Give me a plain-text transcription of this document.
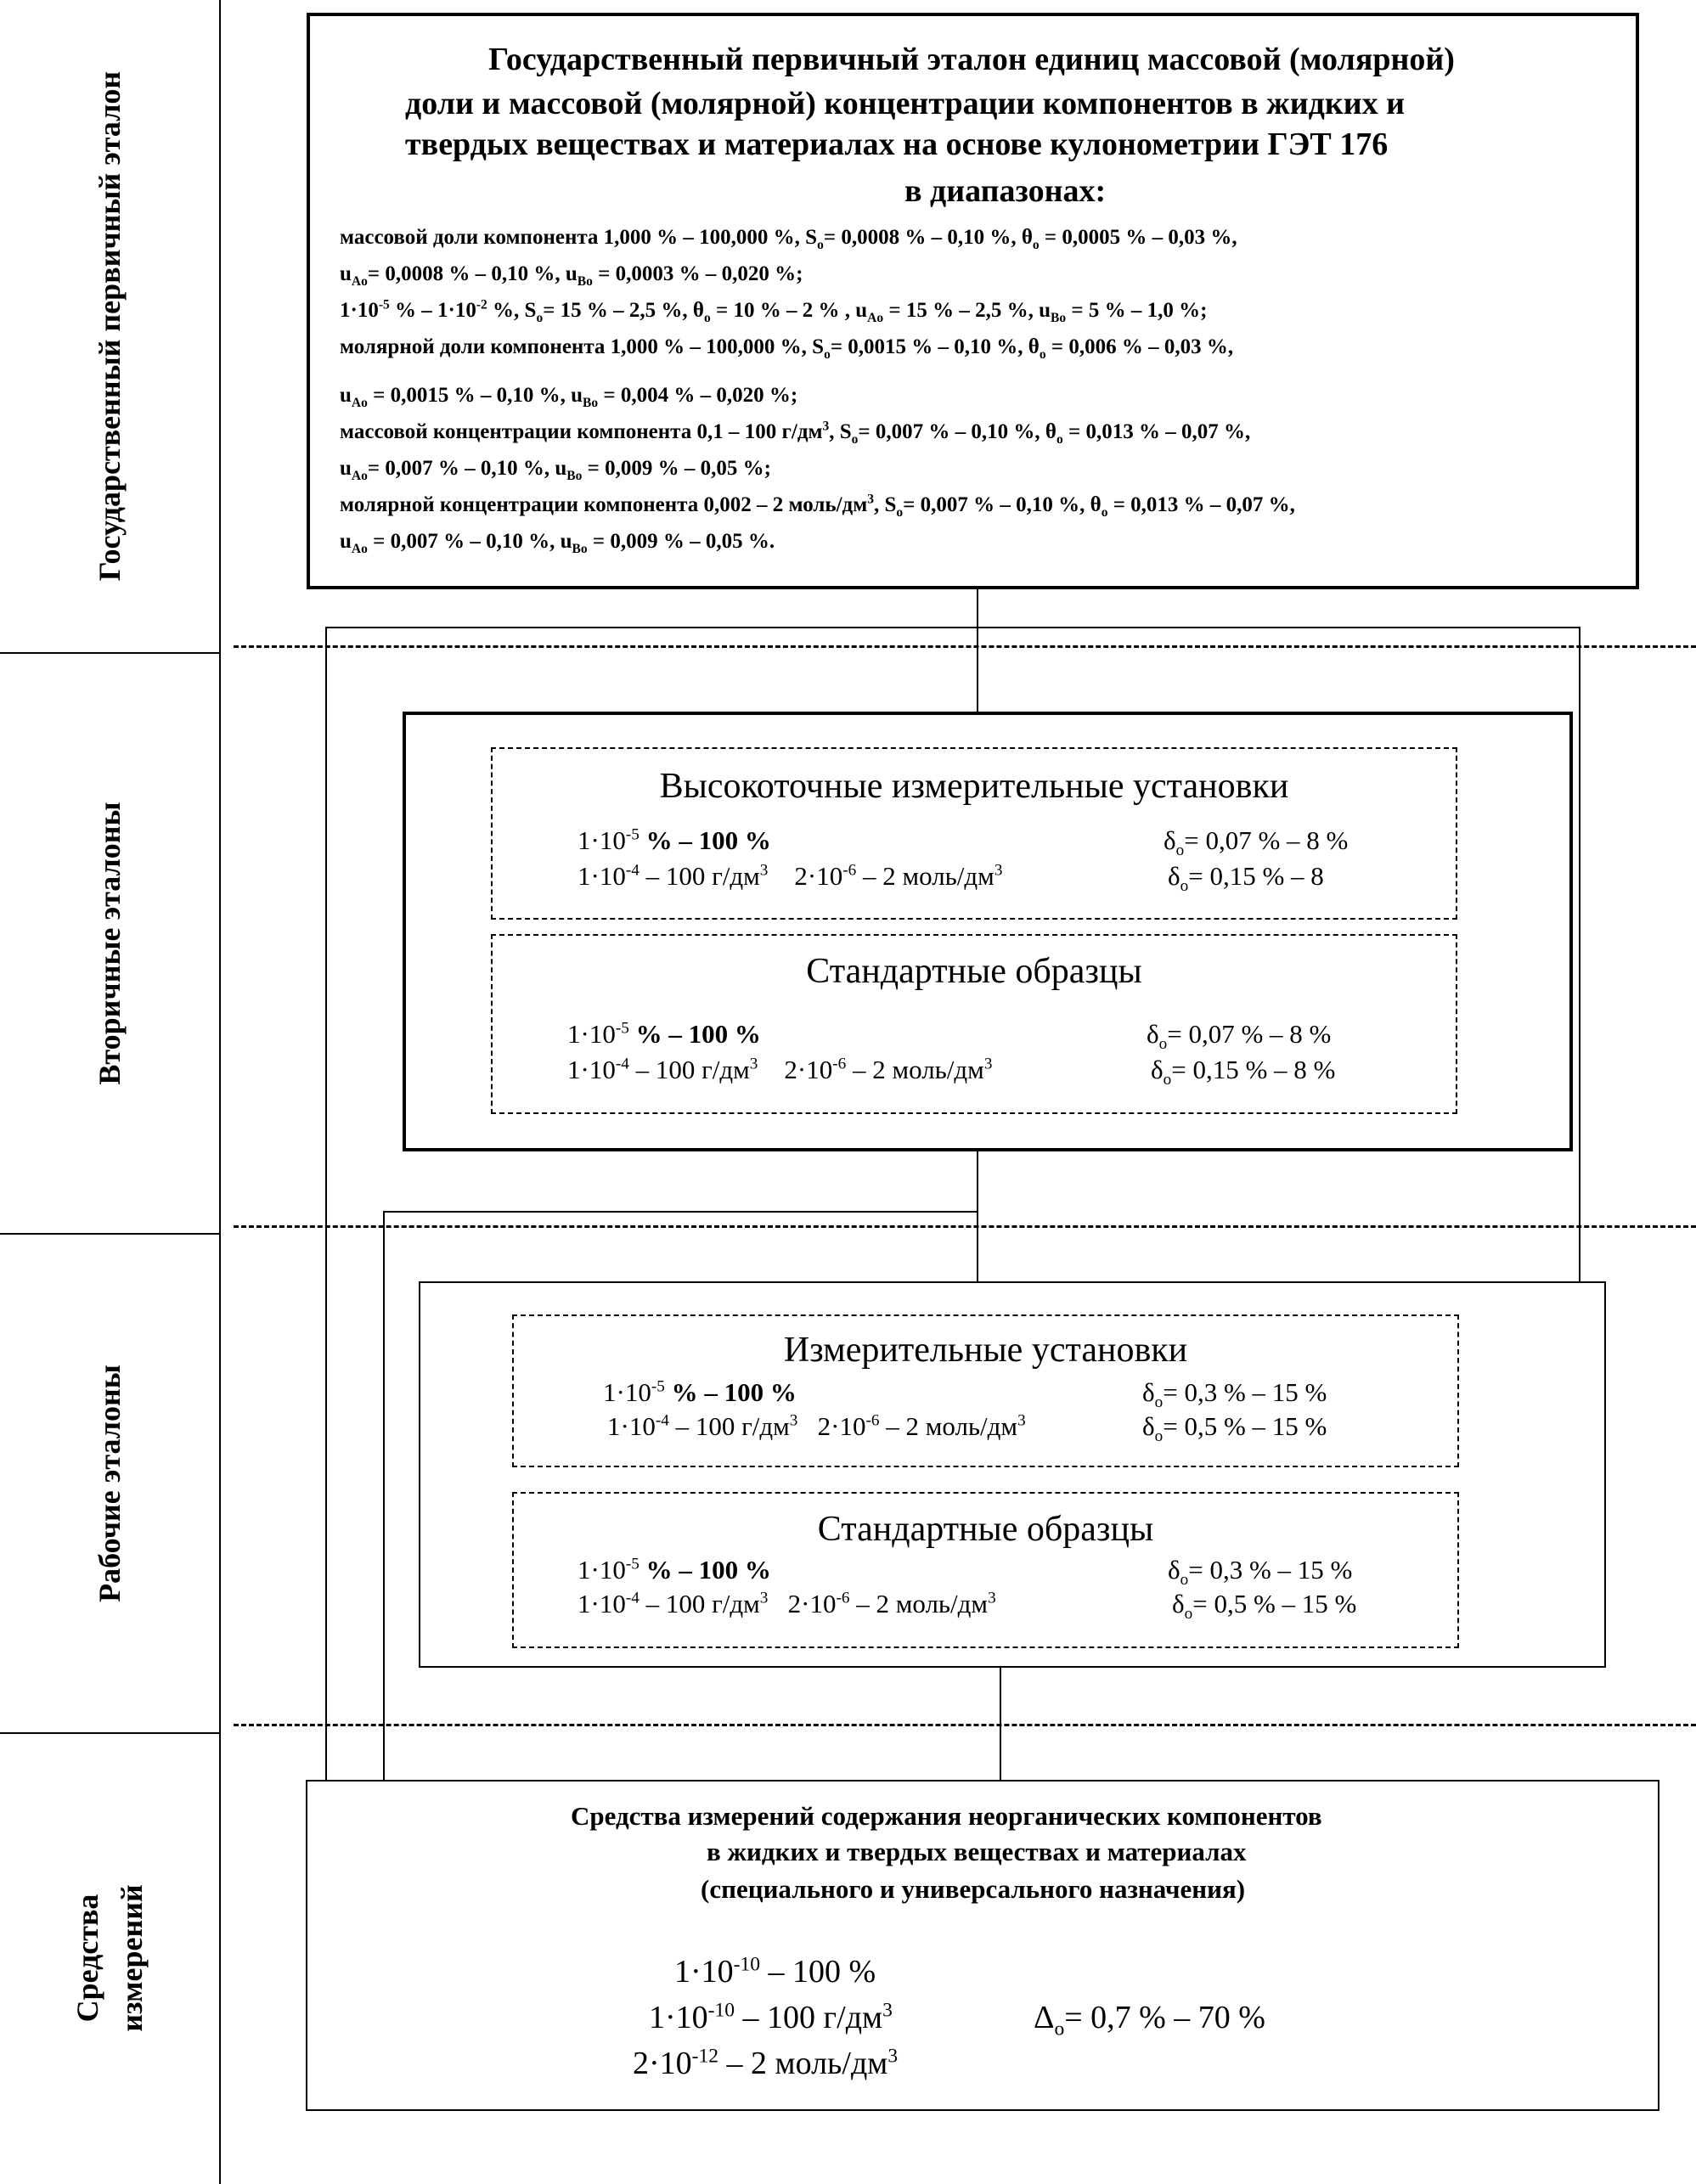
Государственный первичный эталон
Вторичные эталоны
Рабочие эталоны
Средства измерений
Государственный первичный эталон единиц массовой (молярной)
доли и массовой (молярной) концентрации компонентов в жидких и
твердых веществах и материалах на основе кулонометрии ГЭТ 176
в диапазонах:
массовой доли компонента 1,000 % – 100,000 %, $S_o= 0,0008$ % – 0,10 %, $\theta_o = 0,0005$ % – 0,03 %,
$u_{Ao}= 0,0008$ % – 0,10 %, $u_{Bo} = 0,0003$ % – 0,020 %;
$1\cdot 10^{-5}$ % – $1\cdot 10^{-2}$ %, $S_o= 15$ % – 2,5 %, $\theta_o = 10$ % – 2 % , $u_{Ao} = 15$ % – 2,5 %, $u_{Bo} = 5$ % – 1,0 %;
молярной доли компонента 1,000 % – 100,000 %, $S_o= 0,0015$ % – 0,10 %, $\theta_o = 0,006$ % – 0,03 %,
$u_{Ao} = 0,0015$ % – 0,10 %, $u_{Bo} = 0,004$ % – 0,020 %;
массовой концентрации компонента 0,1 – 100 $г/дм^3$, $S_o= 0,007$ % – 0,10 %, $\theta_o = 0,013$ % – 0,07 %,
$u_{Ao}= 0,007$ % – 0,10 %, $u_{Bo} = 0,009$ % – 0,05 %;
молярной концентрации компонента 0,002 – 2 моль/$дм^3$, $S_o= 0,007$ % – 0,10 %, $\theta_o = 0,013$ % – 0,07 %,
$u_{Ao} = 0,007$ % – 0,10 %, $u_{Bo} = 0,009$ % – 0,05 %.
Высокоточные измерительные установки
$1\cdot 10^{-5}$ % – 100 %
$1\cdot 10^{-4} - 100$ $г/дм^3$    $2\cdot 10^{-6} - 2$ моль/$дм^3$
$\delta_o= 0,07$ % – 8 %
$\delta_o= 0,15$ % – 8
Стандартные образцы
$1\cdot 10^{-5}$ % – 100 %
$1\cdot 10^{-4} - 100$ $г/дм^3$    $2\cdot 10^{-6} - 2$ моль/$дм^3$
$\delta_o= 0,07$ % – 8 %
$\delta_o= 0,15$ % – 8 %
Измерительные установки
$1\cdot 10^{-5}$ % – 100 %
$1\cdot 10^{-4} - 100$ $г/дм^3$   $2\cdot 10^{-6} - 2$ моль/$дм^3$
$\delta_o= 0,3$ % – 15 %
$\delta_o= 0,5$ % – 15 %
Стандартные образцы
$1\cdot 10^{-5}$ % – 100 %
$1\cdot 10^{-4} - 100$ $г/дм^3$   $2\cdot 10^{-6} - 2$ моль/$дм^3$
$\delta_o= 0,3$ % – 15 %
$\delta_o= 0,5$ % – 15 %
Средства измерений содержания неорганических компонентов
в жидких и твердых веществах и материалах
(специального и универсального назначения)
$1\cdot 10^{-10} - 100$ %
$1\cdot 10^{-10} - 100$ $г/дм^3$
$2\cdot 10^{-12} - 2$ моль/$дм^3$
$\Delta_o= 0,7$ % – 70 %
